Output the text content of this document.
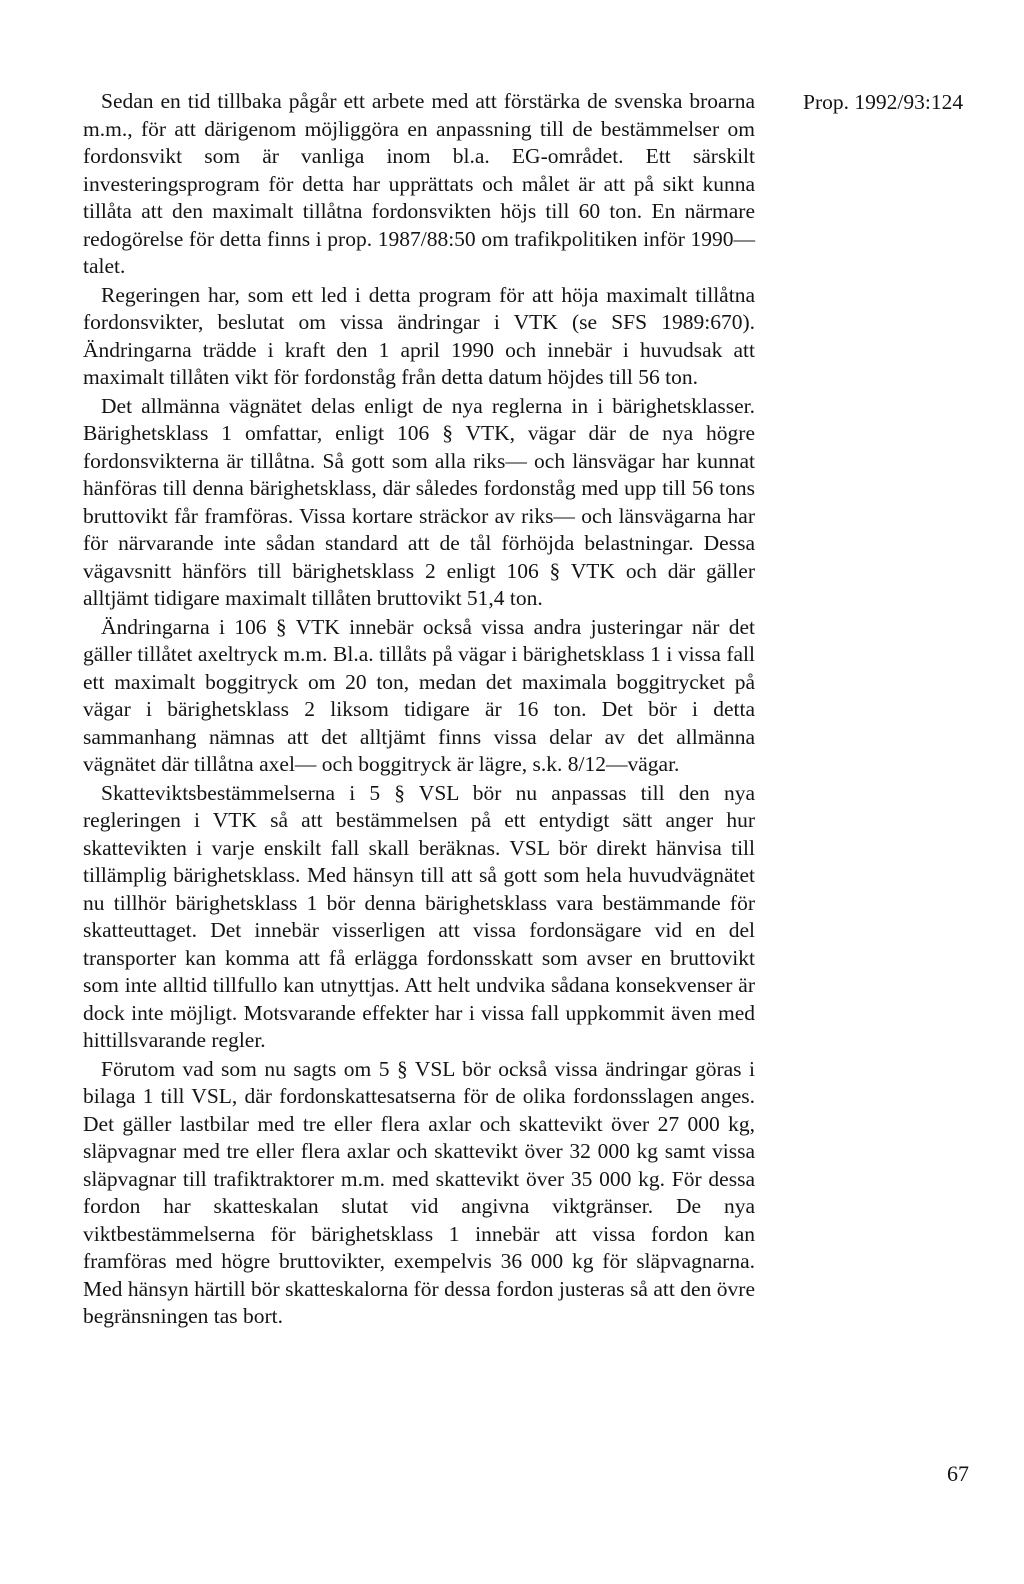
Prop. 1992/93:124

Sedan en tid tillbaka pågår ett arbete med att förstärka de svenska broarna m.m., för att därigenom möjliggöra en anpassning till de bestämmelser om fordonsvikt som är vanliga inom bl.a. EG-området. Ett särskilt investeringsprogram för detta har upprättats och målet är att på sikt kunna tillåta att den maximalt tillåtna fordonsvikten höjs till 60 ton. En närmare redogörelse för detta finns i prop. 1987/88:50 om trafikpolitiken inför 1990—talet.

Regeringen har, som ett led i detta program för att höja maximalt tillåtna fordonsvikter, beslutat om vissa ändringar i VTK (se SFS 1989:670). Ändringarna trädde i kraft den 1 april 1990 och innebär i huvudsak att maximalt tillåten vikt för fordonståg från detta datum höjdes till 56 ton.

Det allmänna vägnätet delas enligt de nya reglerna in i bärighetsklasser. Bärighetsklass 1 omfattar, enligt 106 § VTK, vägar där de nya högre fordonsvikterna är tillåtna. Så gott som alla riks— och länsvägar har kunnat hänföras till denna bärighetsklass, där således fordonståg med upp till 56 tons bruttovikt får framföras. Vissa kortare sträckor av riks— och länsvägarna har för närvarande inte sådan standard att de tål förhöjda belastningar. Dessa vägavsnitt hänförs till bärighetsklass 2 enligt 106 § VTK och där gäller alltjämt tidigare maximalt tillåten bruttovikt 51,4 ton.

Ändringarna i 106 § VTK innebär också vissa andra justeringar när det gäller tillåtet axeltryck m.m. Bl.a. tillåts på vägar i bärighetsklass 1 i vissa fall ett maximalt boggitryck om 20 ton, medan det maximala boggitrycket på vägar i bärighetsklass 2 liksom tidigare är 16 ton. Det bör i detta sammanhang nämnas att det alltjämt finns vissa delar av det allmänna vägnätet där tillåtna axel— och boggitryck är lägre, s.k. 8/12—vägar.

Skatteviktsbestämmelserna i 5 § VSL bör nu anpassas till den nya regleringen i VTK så att bestämmelsen på ett entydigt sätt anger hur skattevikten i varje enskilt fall skall beräknas. VSL bör direkt hänvisa till tillämplig bärighetsklass. Med hänsyn till att så gott som hela huvudvägnätet nu tillhör bärighetsklass 1 bör denna bärighetsklass vara bestämmande för skatteuttaget. Det innebär visserligen att vissa fordonsägare vid en del transporter kan komma att få erlägga fordonsskatt som avser en bruttovikt som inte alltid tillfullo kan utnyttjas. Att helt undvika sådana konsekvenser är dock inte möjligt. Motsvarande effekter har i vissa fall uppkommit även med hittillsvarande regler.

Förutom vad som nu sagts om 5 § VSL bör också vissa ändringar göras i bilaga 1 till VSL, där fordonskattesatserna för de olika fordonsslagen anges. Det gäller lastbilar med tre eller flera axlar och skattevikt över 27 000 kg, släpvagnar med tre eller flera axlar och skattevikt över 32 000 kg samt vissa släpvagnar till trafiktraktorer m.m. med skattevikt över 35 000 kg. För dessa fordon har skatteskalan slutat vid angivna viktgränser. De nya viktbestämmelserna för bärighetsklass 1 innebär att vissa fordon kan framföras med högre bruttovikter, exempelvis 36 000 kg för släpvagnarna. Med hänsyn härtill bör skatteskalorna för dessa fordon justeras så att den övre begränsningen tas bort.

67
